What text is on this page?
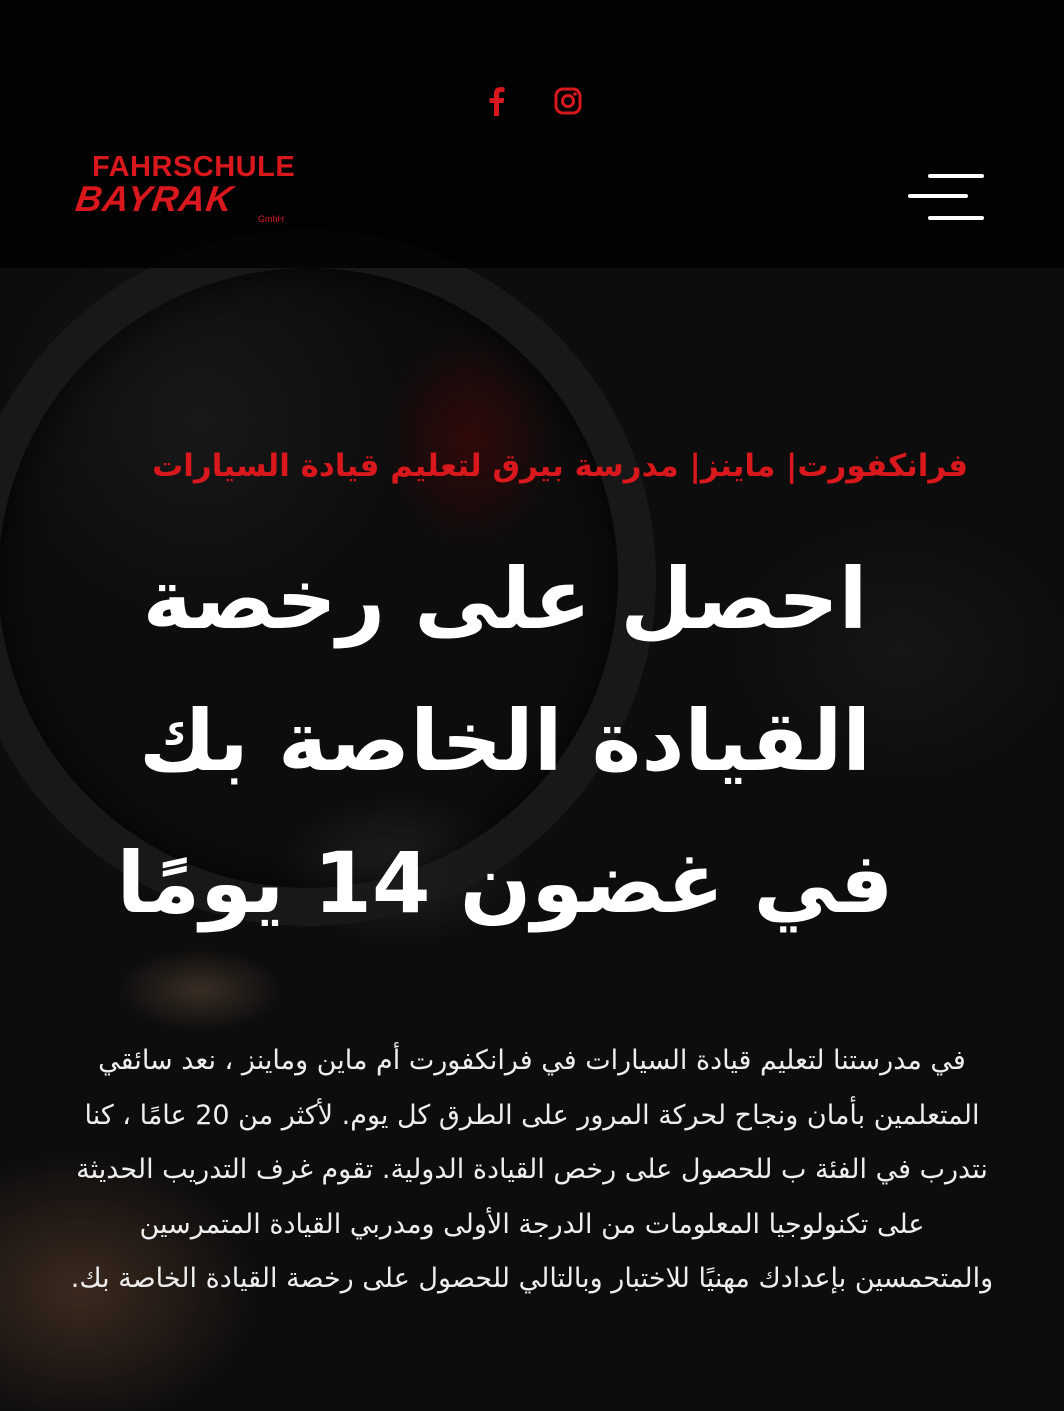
FAHRSCHULE
BAYRAK GmbH
فرانكفورت| ماينز| مدرسة بيرق لتعليم قيادة السيارات
احصل على رخصة القيادة الخاصة بك في غضون 14 يومًا

في مدرستنا لتعليم قيادة السيارات في فرانكفورت أم ماين وماينز ، نعد سائقي المتعلمين بأمان ونجاح لحركة المرور على الطرق كل يوم. لأكثر من 20 عامًا ، كنا نتدرب في الفئة ب للحصول على رخص القيادة الدولية. تقوم غرف التدريب الحديثة على تكنولوجيا المعلومات من الدرجة الأولى ومدربي القيادة المتمرسين والمتحمسين بإعدادك مهنيًا للاختبار وبالتالي للحصول على رخصة القيادة الخاصة بك.
